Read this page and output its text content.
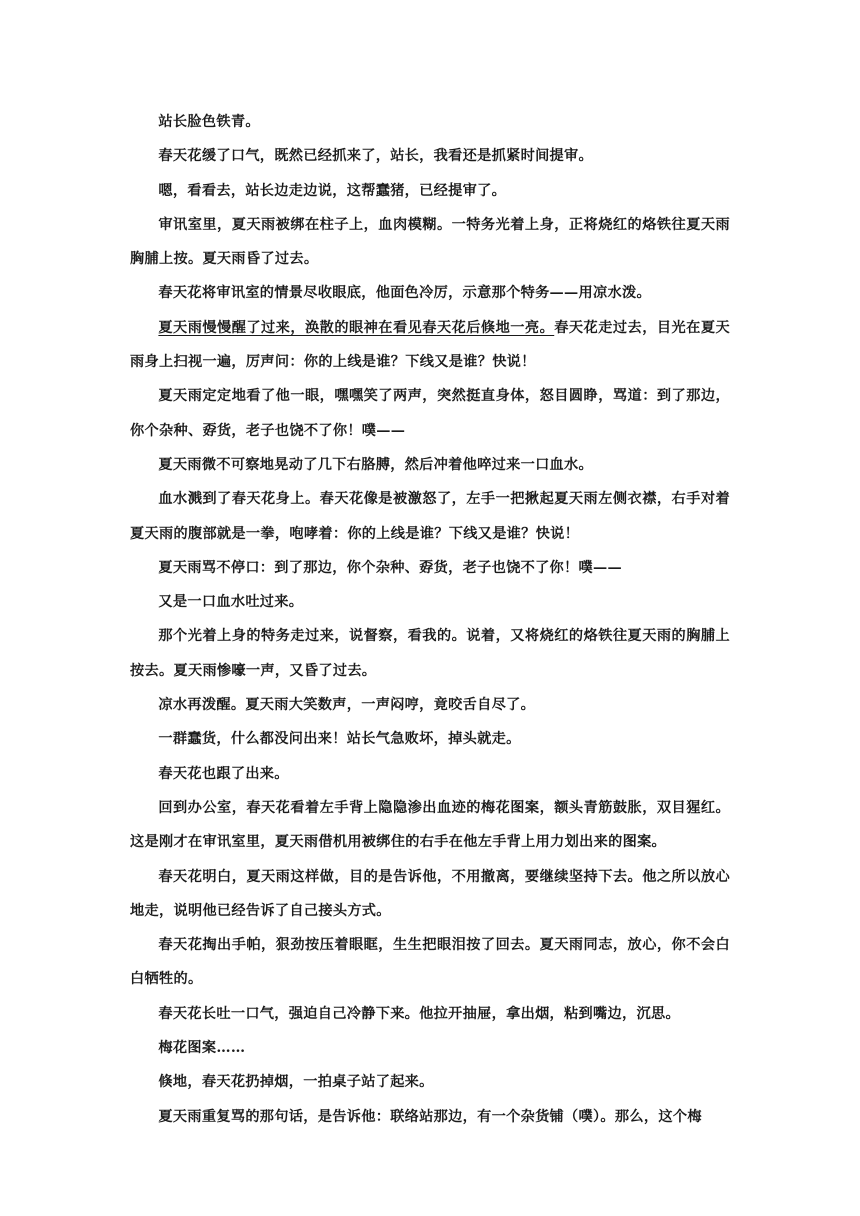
站长脸色铁青。

春天花缓了口气，既然已经抓来了，站长，我看还是抓紧时间提审。

嗯，看看去，站长边走边说，这帮蠢猪，已经提审了。

审讯室里，夏天雨被绑在柱子上，血肉模糊。一特务光着上身，正将烧红的烙铁往夏天雨胸脯上按。夏天雨昏了过去。

春天花将审讯室的情景尽收眼底，他面色冷厉，示意那个特务——用凉水泼。

夏天雨慢慢醒了过来，涣散的眼神在看见春天花后倏地一亮。春天花走过去，目光在夏天雨身上扫视一遍，厉声问：你的上线是谁？下线又是谁？快说！

夏天雨定定地看了他一眼，嘿嘿笑了两声，突然挺直身体，怒目圆睁，骂道：到了那边，你个杂种、孬货，老子也饶不了你！噗——

夏天雨微不可察地晃动了几下右胳膊，然后冲着他啐过来一口血水。

血水溅到了春天花身上。春天花像是被激怒了，左手一把揪起夏天雨左侧衣襟，右手对着夏天雨的腹部就是一拳，咆哮着：你的上线是谁？下线又是谁？快说！

夏天雨骂不停口：到了那边，你个杂种、孬货，老子也饶不了你！噗——

又是一口血水吐过来。

那个光着上身的特务走过来，说督察，看我的。说着，又将烧红的烙铁往夏天雨的胸脯上按去。夏天雨惨嚎一声，又昏了过去。

凉水再泼醒。夏天雨大笑数声，一声闷哼，竟咬舌自尽了。

一群蠢货，什么都没问出来！站长气急败坏，掉头就走。

春天花也跟了出来。

回到办公室，春天花看着左手背上隐隐渗出血迹的梅花图案，额头青筋鼓胀，双目猩红。这是刚才在审讯室里，夏天雨借机用被绑住的右手在他左手背上用力划出来的图案。

春天花明白，夏天雨这样做，目的是告诉他，不用撤离，要继续坚持下去。他之所以放心地走，说明他已经告诉了自己接头方式。

春天花掏出手帕，狠劲按压着眼眶，生生把眼泪按了回去。夏天雨同志，放心，你不会白白牺牲的。

春天花长吐一口气，强迫自己冷静下来。他拉开抽屉，拿出烟，粘到嘴边，沉思。

梅花图案……

倏地，春天花扔掉烟，一拍桌子站了起来。

夏天雨重复骂的那句话，是告诉他：联络站那边，有一个杂货铺（噗）。那么，这个梅
